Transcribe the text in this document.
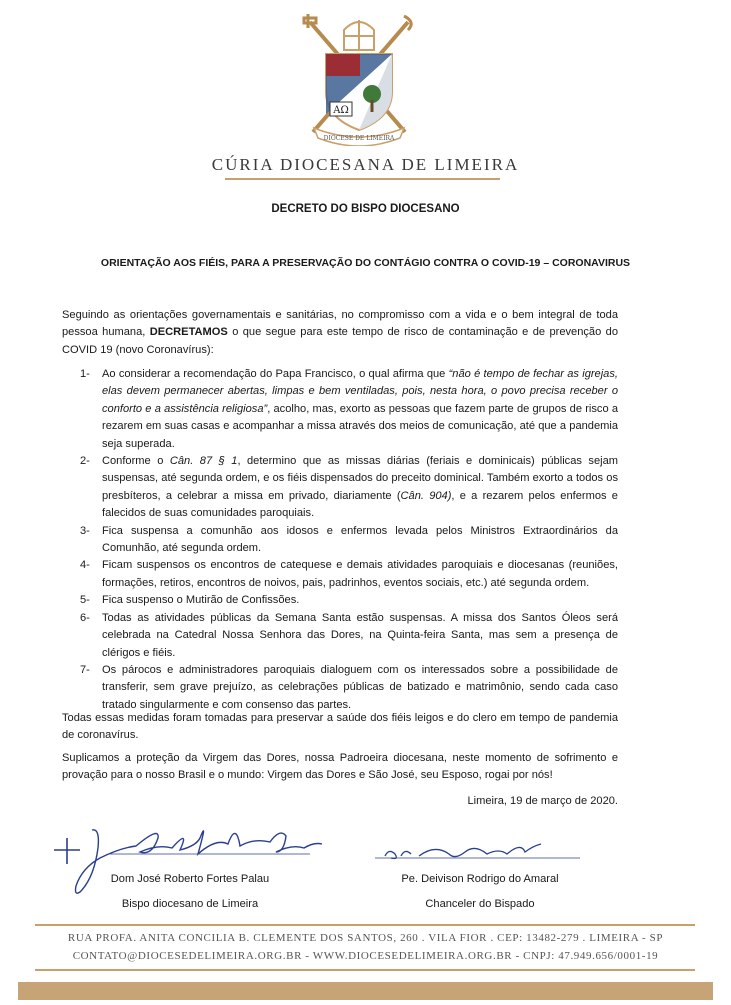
AΩ
DIOCESE DE LIMEIRA
CÚRIA DIOCESANA DE LIMEIRA
DECRETO DO BISPO DIOCESANO
ORIENTAÇÃO AOS FIÉIS, PARA A PRESERVAÇÃO DO CONTÁGIO CONTRA O COVID-19 – CORONAVIRUS

Seguindo as orientações governamentais e sanitárias, no compromisso com a vida e o bem integral de toda pessoa humana, DECRETAMOS o que segue para este tempo de risco de contaminação e de prevenção do COVID 19 (novo Coronavírus):

1- Ao considerar a recomendação do Papa Francisco, o qual afirma que “não é tempo de fechar as igrejas, elas devem permanecer abertas, limpas e bem ventiladas, pois, nesta hora, o povo precisa receber o conforto e a assistência religiosa”, acolho, mas, exorto as pessoas que fazem parte de grupos de risco a rezarem em suas casas e acompanhar a missa através dos meios de comunicação, até que a pandemia seja superada.
2- Conforme o Cân. 87 § 1, determino que as missas diárias (feriais e dominicais) públicas sejam suspensas, até segunda ordem, e os fiéis dispensados do preceito dominical. Também exorto a todos os presbíteros, a celebrar a missa em privado, diariamente (Cân. 904), e a rezarem pelos enfermos e falecidos de suas comunidades paroquiais.
3- Fica suspensa a comunhão aos idosos e enfermos levada pelos Ministros Extraordinários da Comunhão, até segunda ordem.
4- Ficam suspensos os encontros de catequese e demais atividades paroquiais e diocesanas (reuniões, formações, retiros, encontros de noivos, pais, padrinhos, eventos sociais, etc.) até segunda ordem.
5- Fica suspenso o Mutirão de Confissões.
6- Todas as atividades públicas da Semana Santa estão suspensas. A missa dos Santos Óleos será celebrada na Catedral Nossa Senhora das Dores, na Quinta-feira Santa, mas sem a presença de clérigos e fiéis.
7- Os párocos e administradores paroquiais dialoguem com os interessados sobre a possibilidade de transferir, sem grave prejuízo, as celebrações públicas de batizado e matrimônio, sendo cada caso tratado singularmente e com consenso das partes.

Todas essas medidas foram tomadas para preservar a saúde dos fiéis leigos e do clero em tempo de pandemia de coronavírus.

Suplicamos a proteção da Virgem das Dores, nossa Padroeira diocesana, neste momento de sofrimento e provação para o nosso Brasil e o mundo: Virgem das Dores e São José, seu Esposo, rogai por nós!

Limeira, 19 de março de 2020.
Dom José Roberto Fortes Palau
Bispo diocesano de Limeira
Pe. Deivison Rodrigo do Amaral
Chanceler do Bispado
RUA PROFA. ANITA CONCILIA B. CLEMENTE DOS SANTOS, 260 . VILA FIOR . CEP: 13482-279 . LIMEIRA - SP
CONTATO@DIOCESEDELIMEIRA.ORG.BR - WWW.DIOCESEDELIMEIRA.ORG.BR - CNPJ: 47.949.656/0001-19
